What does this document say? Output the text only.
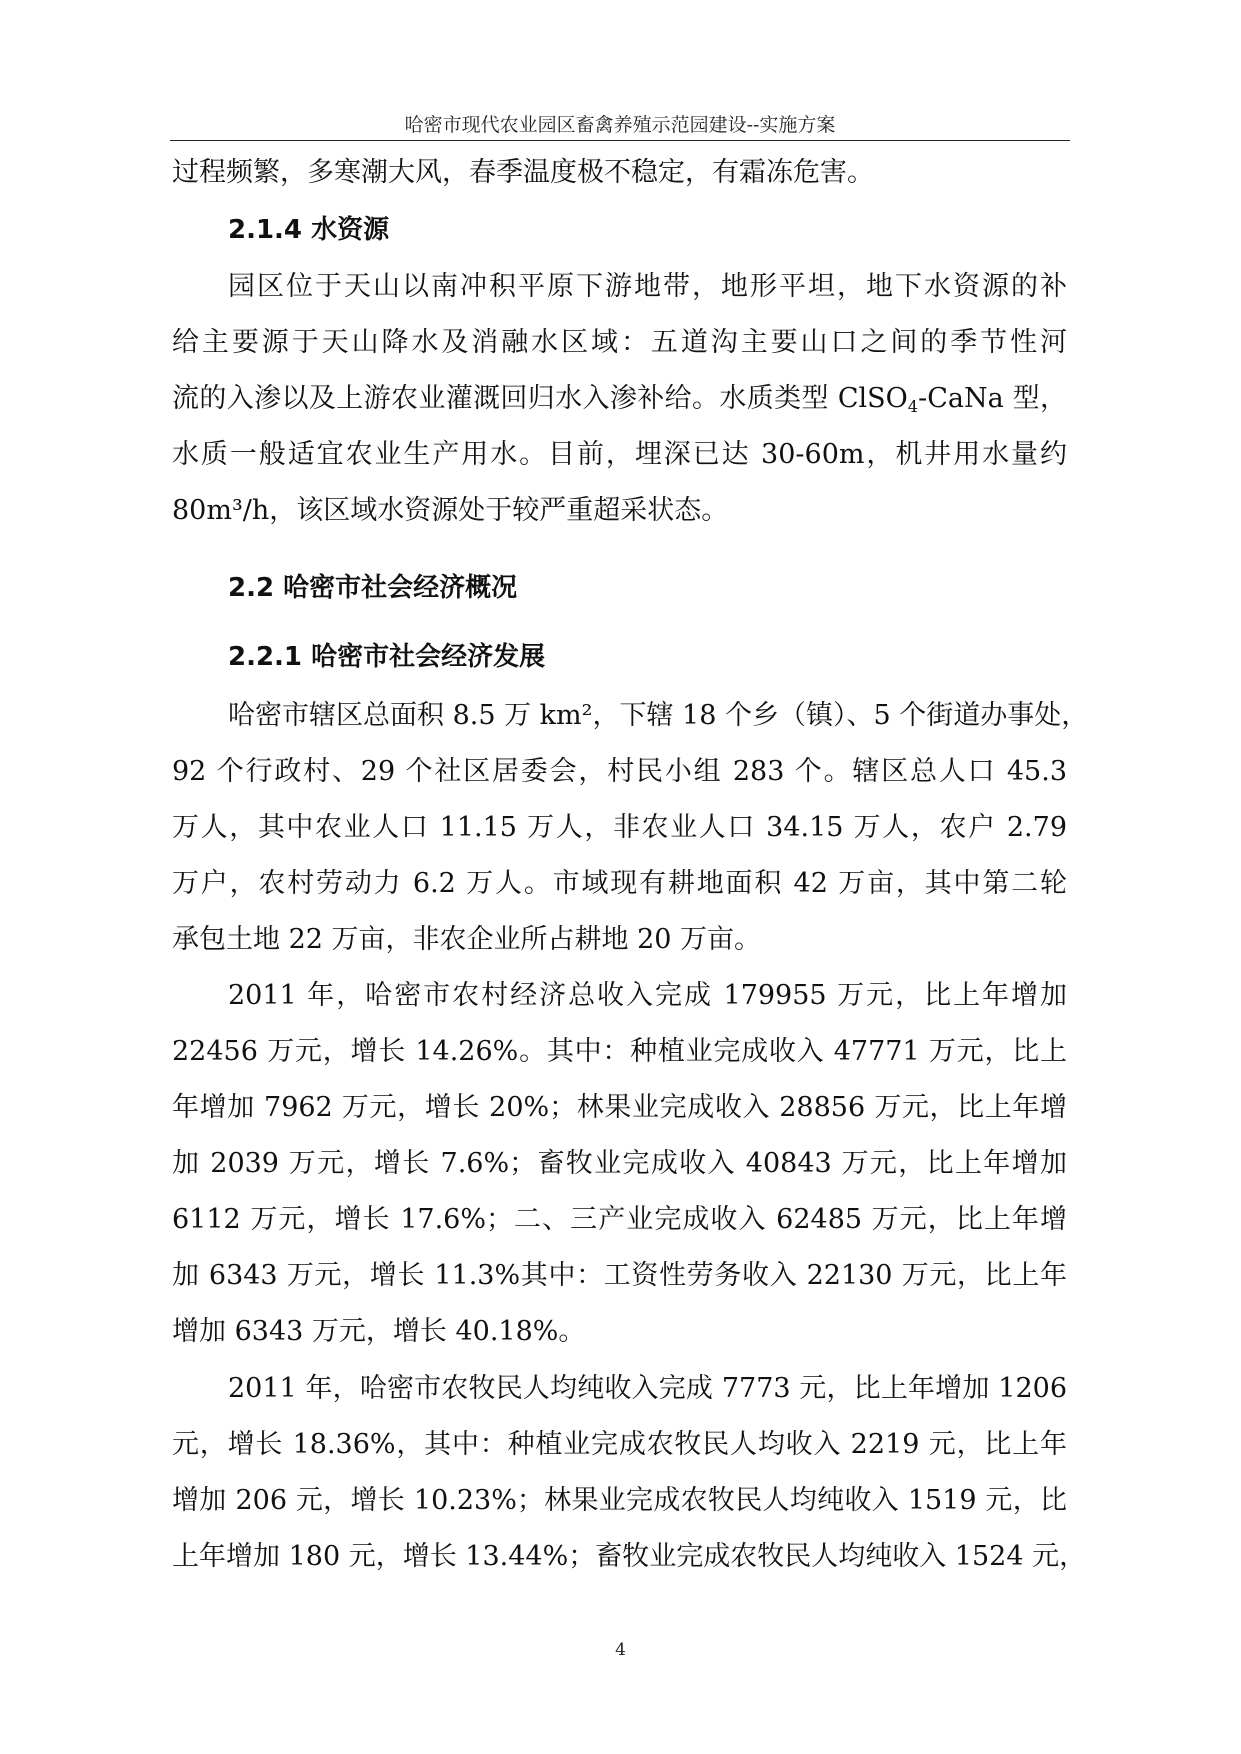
哈密市现代农业园区畜禽养殖示范园建设--实施方案
过程频繁，多寒潮大风，春季温度极不稳定，有霜冻危害。
2.1.4 水资源
园区位于天山以南冲积平原下游地带，地形平坦，地下水资源的补
给主要源于天山降水及消融水区域：五道沟主要山口之间的季节性河
流的入渗以及上游农业灌溉回归水入渗补给。水质类型 ClSO$_4$-CaNa 型，
水质一般适宜农业生产用水。目前，埋深已达 30-60m，机井用水量约
80m³/h，该区域水资源处于较严重超采状态。
2.2 哈密市社会经济概况
2.2.1 哈密市社会经济发展
哈密市辖区总面积 8.5 万 km²，下辖 18 个乡（镇）、5 个街道办事处，
92 个行政村、29 个社区居委会，村民小组 283 个。辖区总人口 45.3
万人，其中农业人口 11.15 万人，非农业人口 34.15 万人，农户 2.79
万户，农村劳动力 6.2 万人。市域现有耕地面积 42 万亩，其中第二轮
承包土地 22 万亩，非农企业所占耕地 20 万亩。
2011 年，哈密市农村经济总收入完成 179955 万元，比上年增加
22456 万元，增长 14.26%。其中：种植业完成收入 47771 万元，比上
年增加 7962 万元，增长 20%；林果业完成收入 28856 万元，比上年增
加 2039 万元，增长 7.6%；畜牧业完成收入 40843 万元，比上年增加
6112 万元，增长 17.6%；二、三产业完成收入 62485 万元，比上年增
加 6343 万元，增长 11.3%其中：工资性劳务收入 22130 万元，比上年
增加 6343 万元，增长 40.18%。
2011 年，哈密市农牧民人均纯收入完成 7773 元，比上年增加 1206
元，增长 18.36%，其中：种植业完成农牧民人均收入 2219 元，比上年
增加 206 元，增长 10.23%；林果业完成农牧民人均纯收入 1519 元，比
上年增加 180 元，增长 13.44%；畜牧业完成农牧民人均纯收入 1524 元，
4
